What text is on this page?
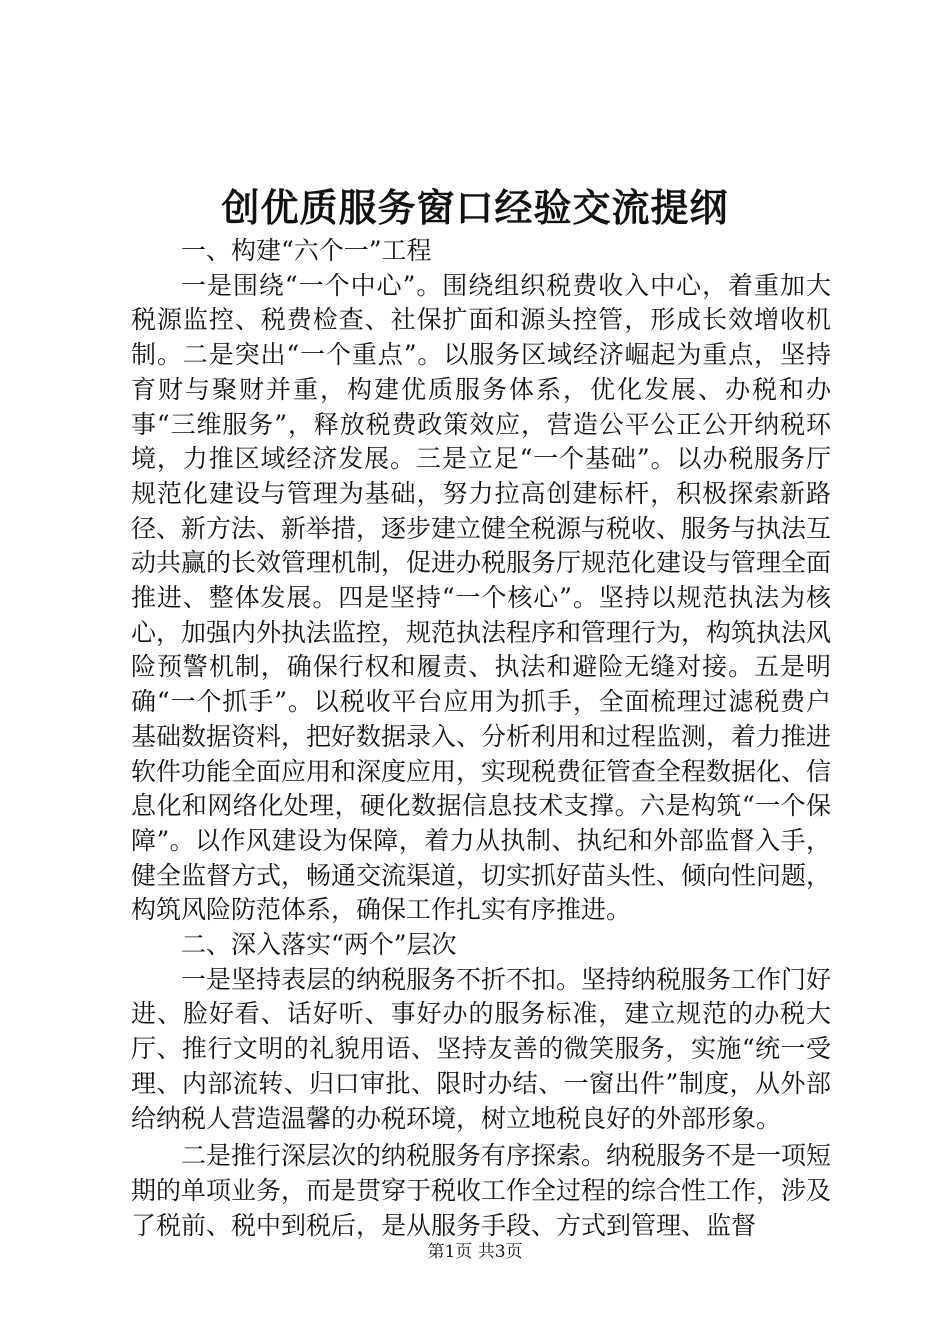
创优质服务窗口经验交流提纲

一、构建“六个一”工程

一是围绕“一个中心”。围绕组织税费收入中心，着重加大税源监控、税费检查、社保扩面和源头控管，形成长效增收机制。二是突出“一个重点”。以服务区域经济崛起为重点，坚持育财与聚财并重，构建优质服务体系，优化发展、办税和办事“三维服务”，释放税费政策效应，营造公平公正公开纳税环境，力推区域经济发展。三是立足“一个基础”。以办税服务厅规范化建设与管理为基础，努力拉高创建标杆，积极探索新路径、新方法、新举措，逐步建立健全税源与税收、服务与执法互动共赢的长效管理机制，促进办税服务厅规范化建设与管理全面推进、整体发展。四是坚持“一个核心”。坚持以规范执法为核心，加强内外执法监控，规范执法程序和管理行为，构筑执法风险预警机制，确保行权和履责、执法和避险无缝对接。五是明确“一个抓手”。以税收平台应用为抓手，全面梳理过滤税费户基础数据资料，把好数据录入、分析利用和过程监测，着力推进软件功能全面应用和深度应用，实现税费征管查全程数据化、信息化和网络化处理，硬化数据信息技术支撑。六是构筑“一个保障”。以作风建设为保障，着力从执制、执纪和外部监督入手，健全监督方式，畅通交流渠道，切实抓好苗头性、倾向性问题，构筑风险防范体系，确保工作扎实有序推进。

二、深入落实“两个”层次

一是坚持表层的纳税服务不折不扣。坚持纳税服务工作门好进、脸好看、话好听、事好办的服务标准，建立规范的办税大厅、推行文明的礼貌用语、坚持友善的微笑服务，实施“统一受理、内部流转、归口审批、限时办结、一窗出件”制度，从外部给纳税人营造温馨的办税环境，树立地税良好的外部形象。

二是推行深层次的纳税服务有序探索。纳税服务不是一项短期的单项业务，而是贯穿于税收工作全过程的综合性工作，涉及了税前、税中到税后，是从服务手段、方式到管理、监督

第1页 共3页
